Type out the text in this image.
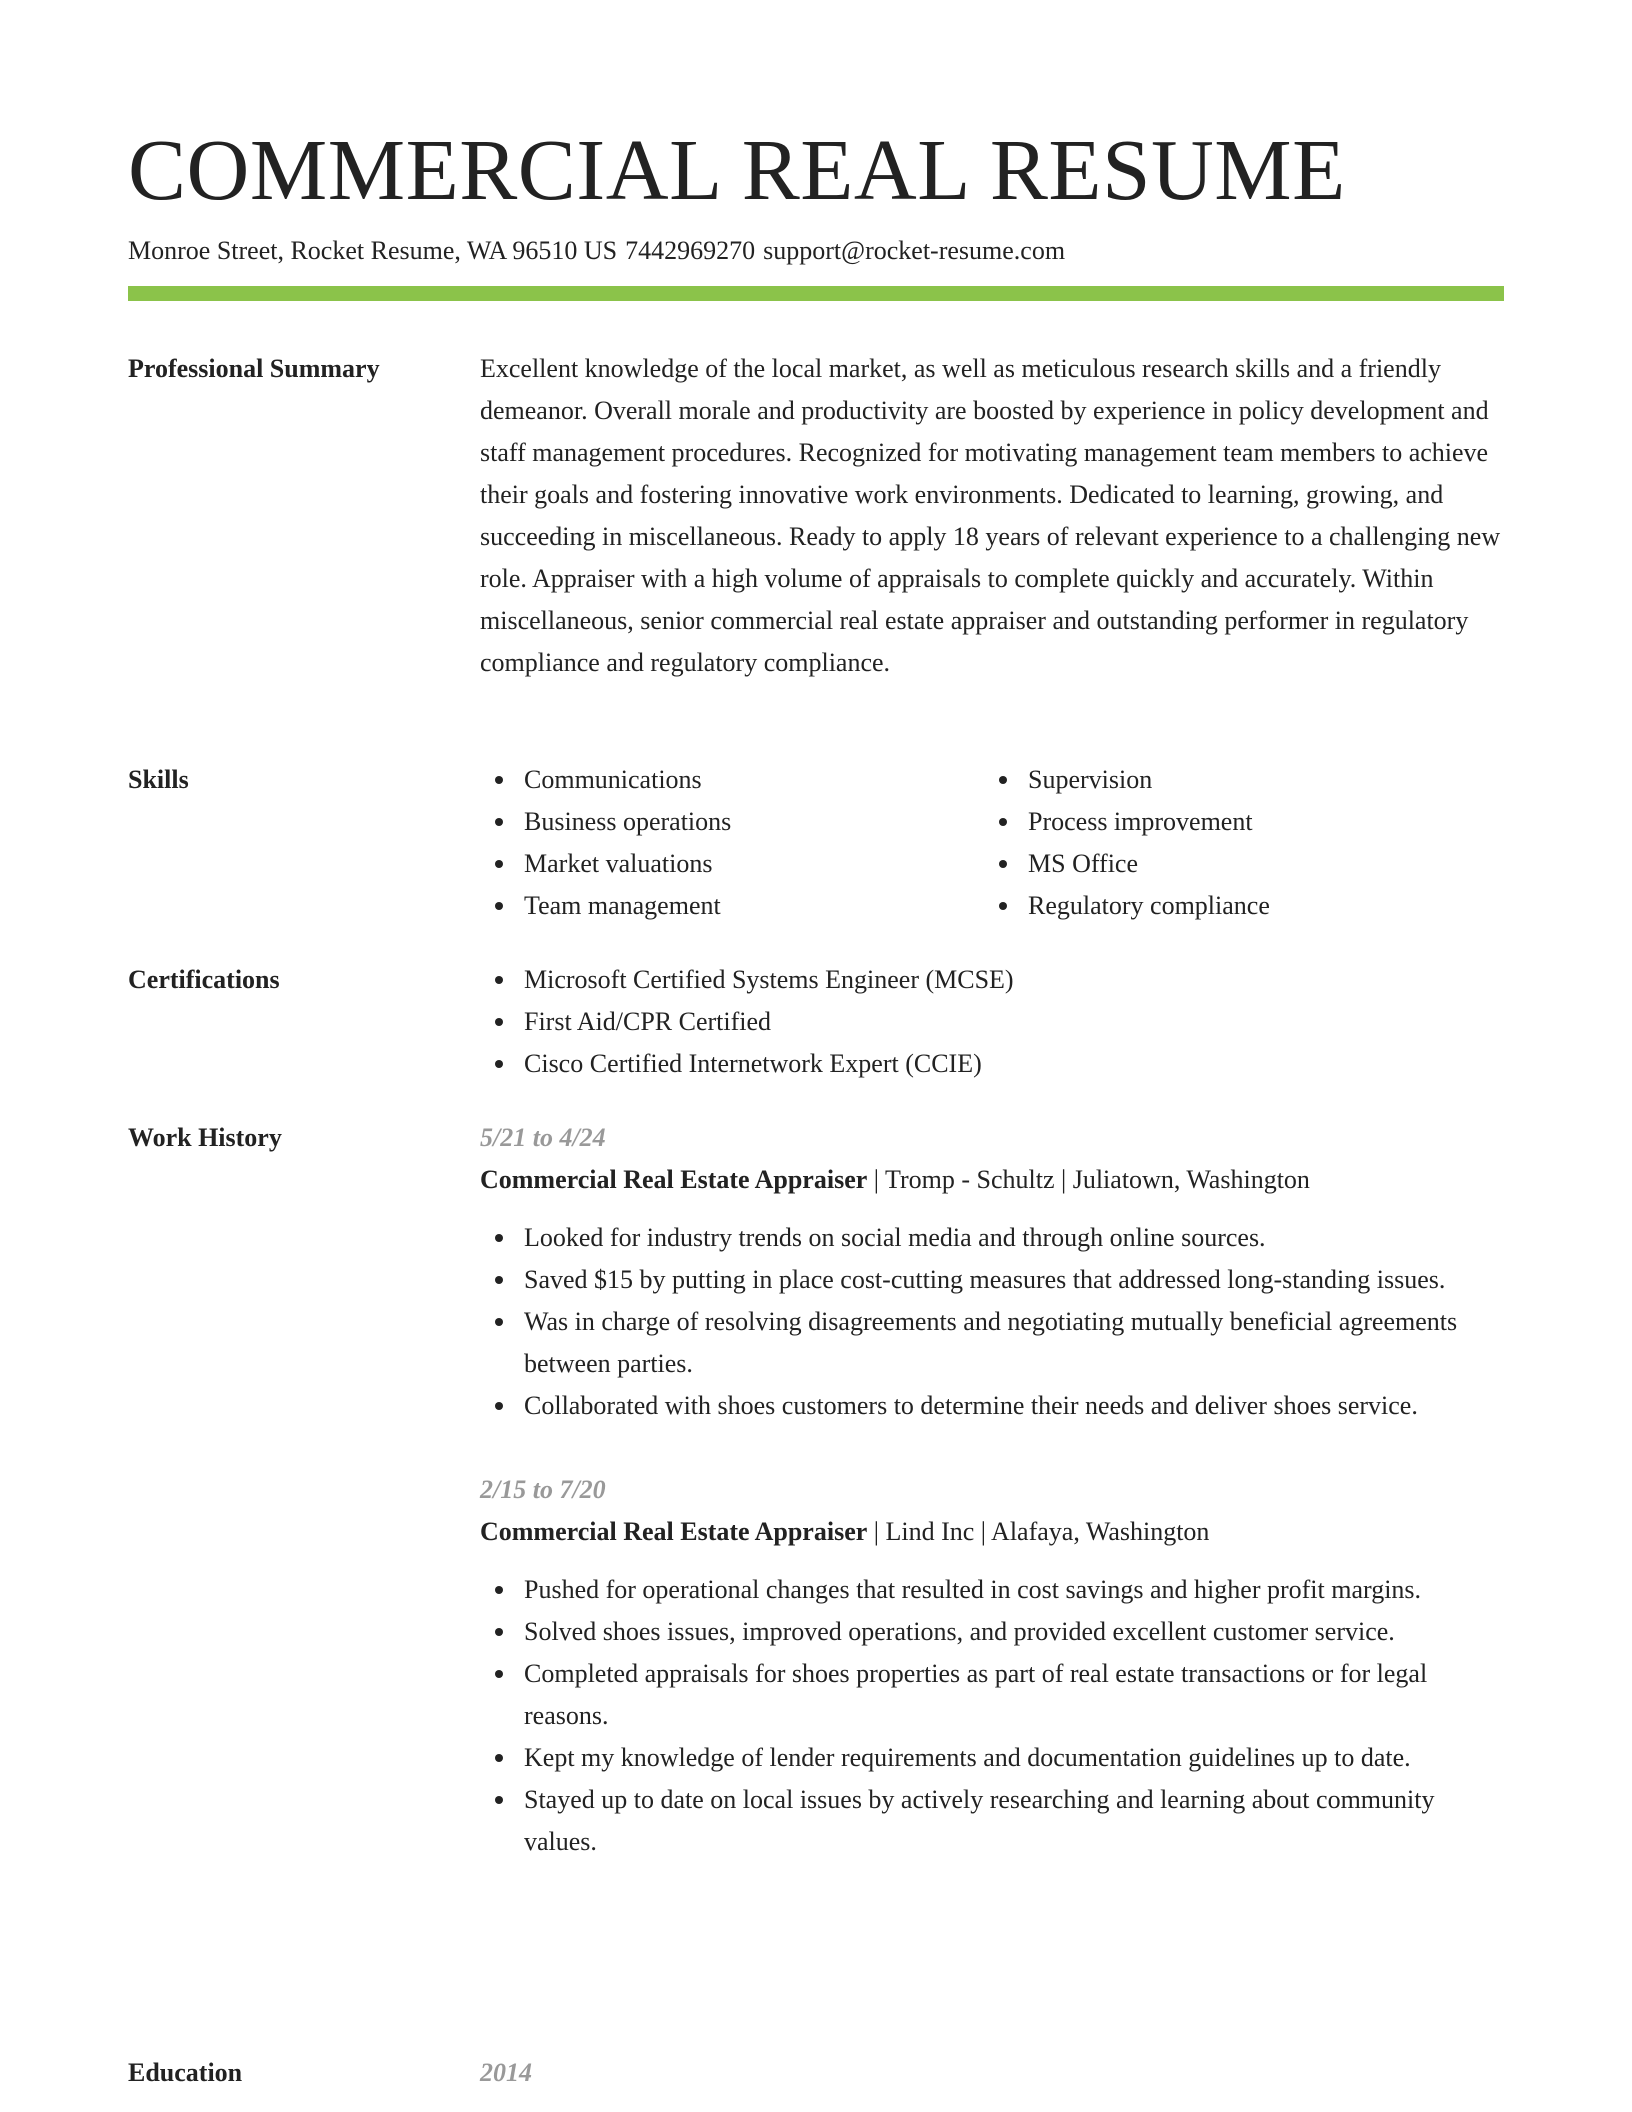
COMMERCIAL REAL RESUME
Monroe Street, Rocket Resume, WA 96510 US 7442969270 support@rocket-resume.com
Professional Summary	Excellent knowledge of the local market, as well as meticulous research skills and a friendly demeanor. Overall morale and productivity are boosted by experience in policy development and staff management procedures. Recognized for motivating management team members to achieve their goals and fostering innovative work environments. Dedicated to learning, growing, and succeeding in miscellaneous. Ready to apply 18 years of relevant experience to a challenging new role. Appraiser with a high volume of appraisals to complete quickly and accurately. Within miscellaneous, senior commercial real estate appraiser and outstanding performer in regulatory compliance and regulatory compliance.

Skills	Communications
Business operations
Market valuations
Team management
Supervision
Process improvement
MS Office
Regulatory compliance
Certifications	Microsoft Certified Systems Engineer (MCSE)
First Aid/CPR Certified
Cisco Certified Internetwork Expert (CCIE)
Work History	5/21 to 4/24
Commercial Real Estate Appraiser | Tromp - Schultz | Juliatown, Washington
Looked for industry trends on social media and through online sources.
Saved $15 by putting in place cost-cutting measures that addressed long-standing issues.
Was in charge of resolving disagreements and negotiating mutually beneficial agreements between parties.
Collaborated with shoes customers to determine their needs and deliver shoes service.
2/15 to 7/20
Commercial Real Estate Appraiser | Lind Inc | Alafaya, Washington
Pushed for operational changes that resulted in cost savings and higher profit margins.
Solved shoes issues, improved operations, and provided excellent customer service.
Completed appraisals for shoes properties as part of real estate transactions or for legal reasons.
Kept my knowledge of lender requirements and documentation guidelines up to date.
Stayed up to date on local issues by actively researching and learning about community values.
Education	2014
